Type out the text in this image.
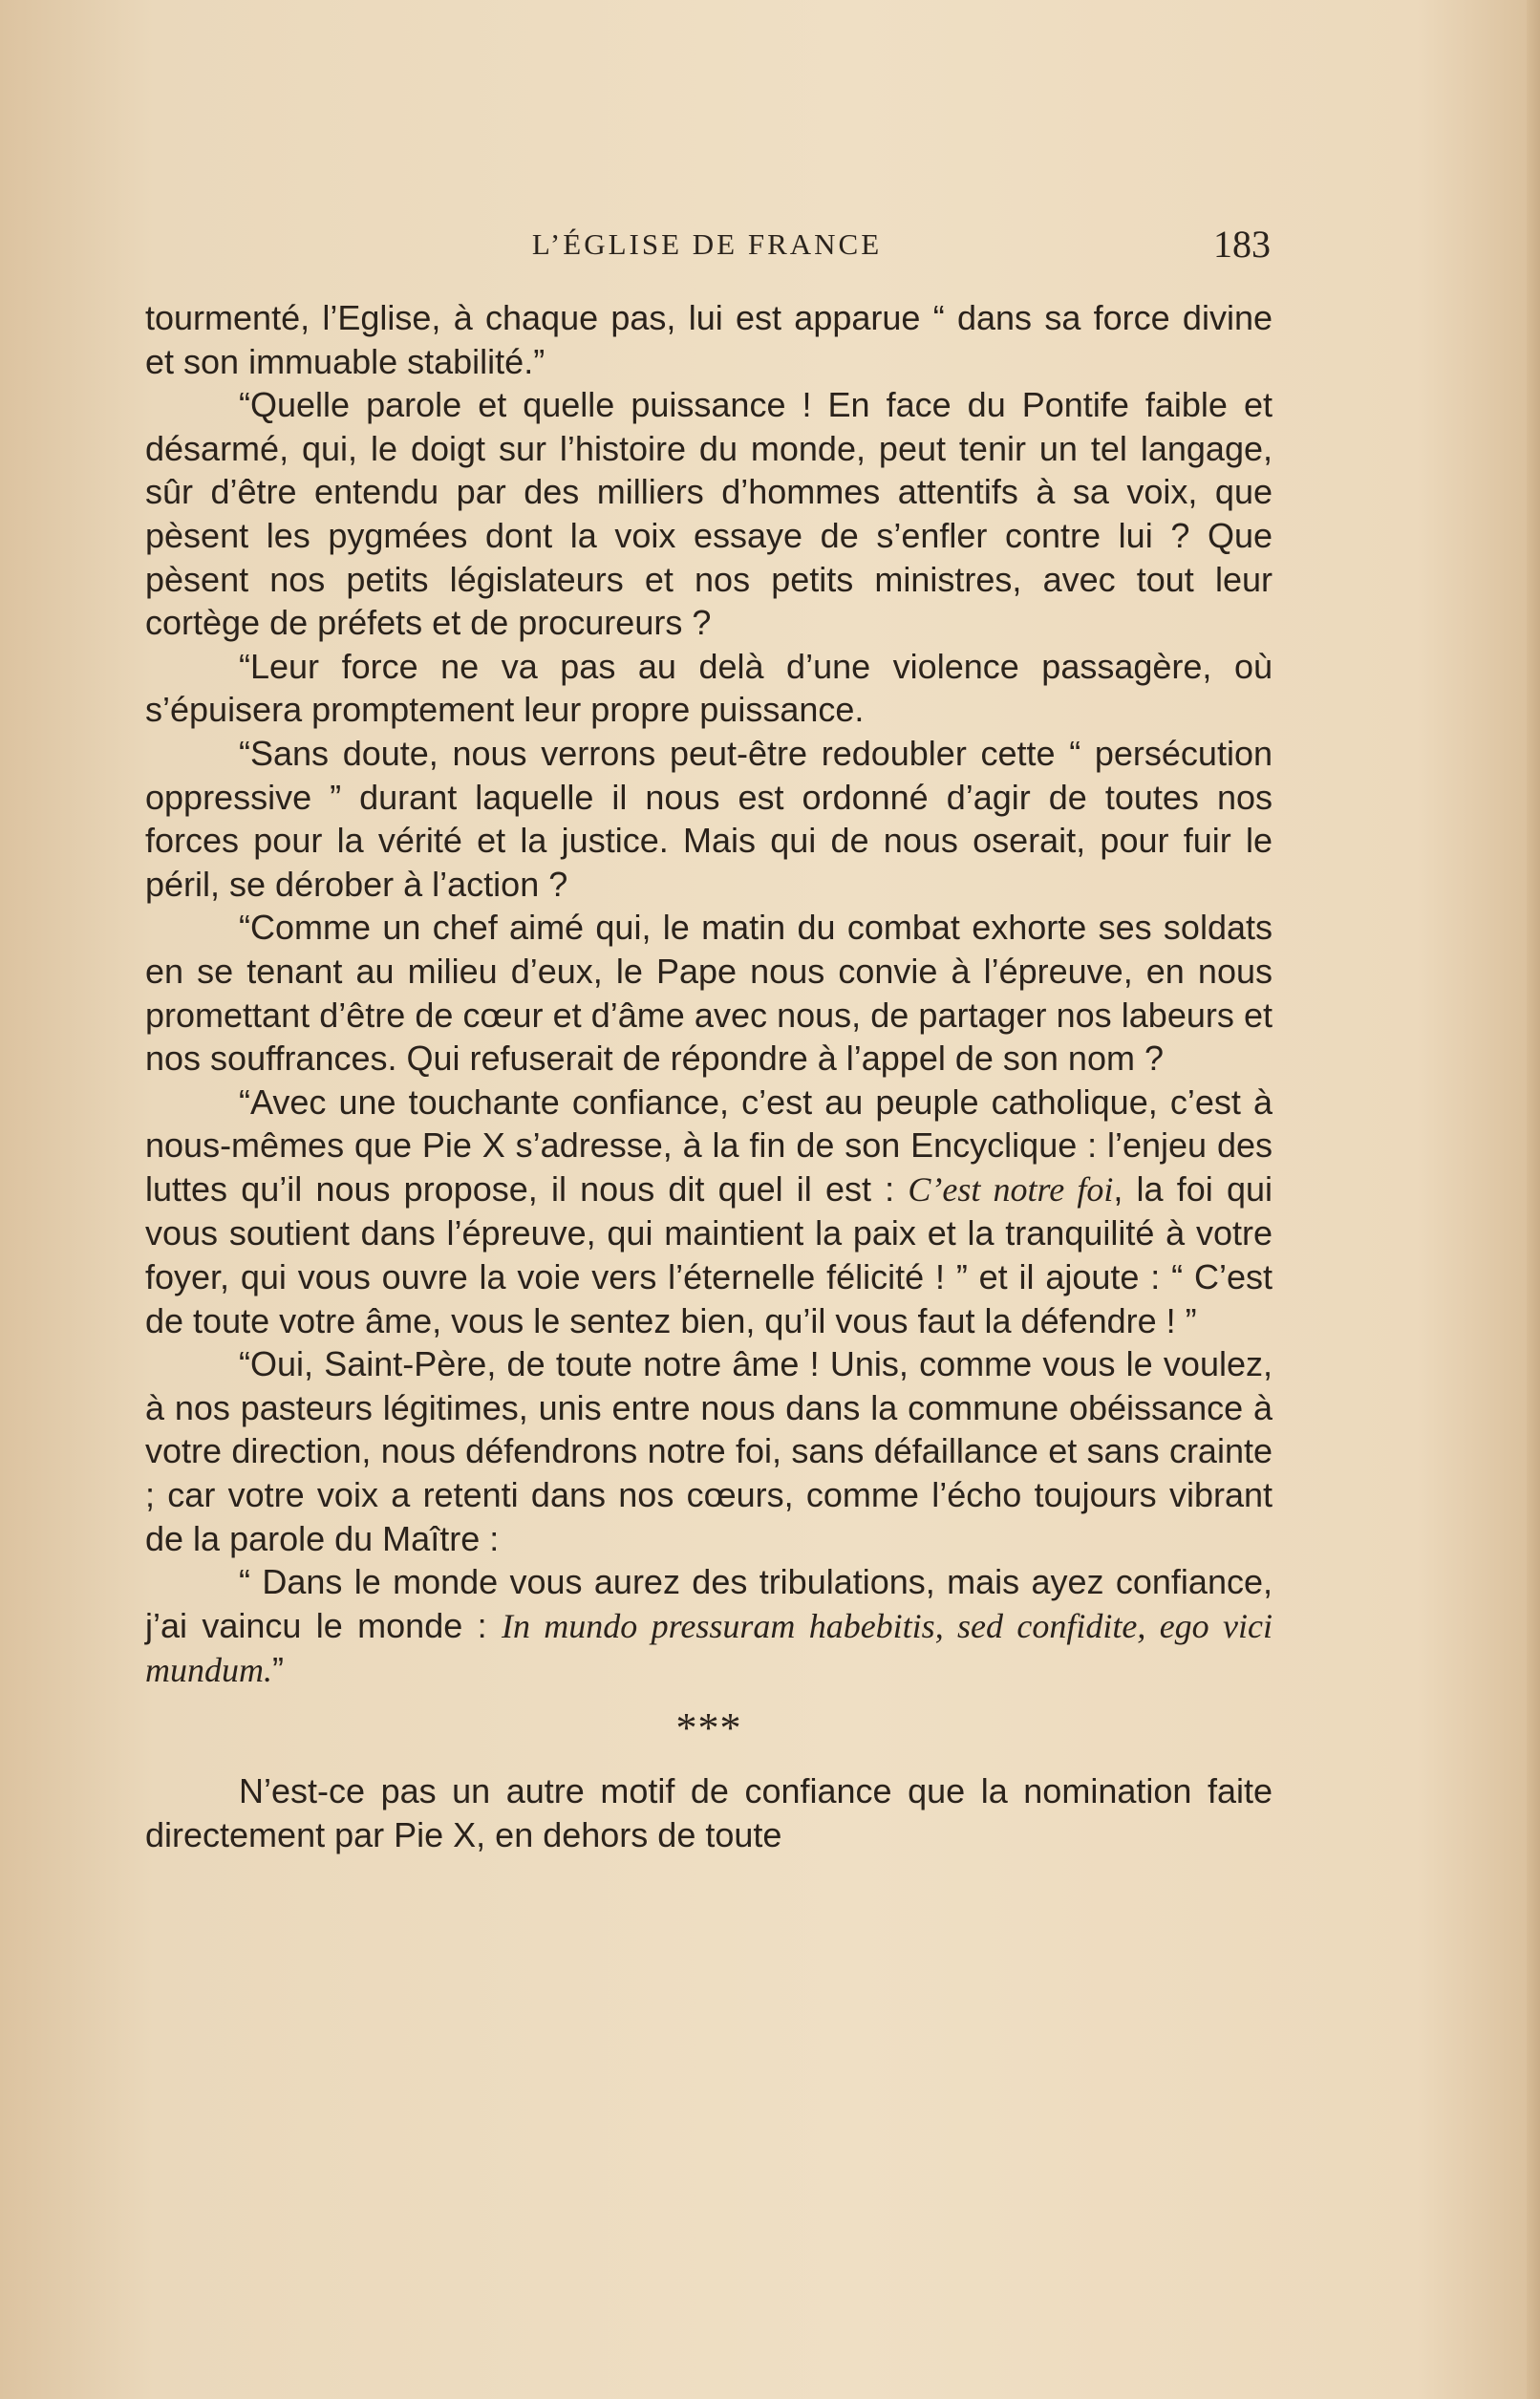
L’ÉGLISE DE FRANCE	183

tourmenté, l’Eglise, à chaque pas, lui est apparue “ dans sa force divine et son immuable stabilité.”

“Quelle parole et quelle puissance ! En face du Pontife faible et désarmé, qui, le doigt sur l’histoire du monde, peut tenir un tel langage, sûr d’être entendu par des milliers d’hommes attentifs à sa voix, que pèsent les pygmées dont la voix essaye de s’enfler contre lui ? Que pèsent nos petits législateurs et nos petits ministres, avec tout leur cortège de préfets et de procureurs ?

“Leur force ne va pas au delà d’une violence passagère, où s’épuisera promptement leur propre puissance.

“Sans doute, nous verrons peut-être redoubler cette “ persécution oppressive ” durant laquelle il nous est ordonné d’agir de toutes nos forces pour la vérité et la justice. Mais qui de nous oserait, pour fuir le péril, se dérober à l’action ?

“Comme un chef aimé qui, le matin du combat exhorte ses soldats en se tenant au milieu d’eux, le Pape nous convie à l’épreuve, en nous promettant d’être de cœur et d’âme avec nous, de partager nos labeurs et nos souffrances. Qui refuserait de répondre à l’appel de son nom ?

“Avec une touchante confiance, c’est au peuple catholique, c’est à nous-mêmes que Pie X s’adresse, à la fin de son Encyclique : l’enjeu des luttes qu’il nous propose, il nous dit quel il est : C’est notre foi, la foi qui vous soutient dans l’épreuve, qui maintient la paix et la tranquilité à votre foyer, qui vous ouvre la voie vers l’éternelle félicité ! ” et il ajoute : “ C’est de toute votre âme, vous le sentez bien, qu’il vous faut la défendre ! ”

“Oui, Saint-Père, de toute notre âme ! Unis, comme vous le voulez, à nos pasteurs légitimes, unis entre nous dans la commune obéissance à votre direction, nous défendrons notre foi, sans défaillance et sans crainte ; car votre voix a retenti dans nos cœurs, comme l’écho toujours vibrant de la parole du Maître :

“ Dans le monde vous aurez des tribulations, mais ayez confiance, j’ai vaincu le monde : In mundo pressuram habebitis, sed confidite, ego vici mundum.”

***

N’est-ce pas un autre motif de confiance que la nomination faite directement par Pie X, en dehors de toute
